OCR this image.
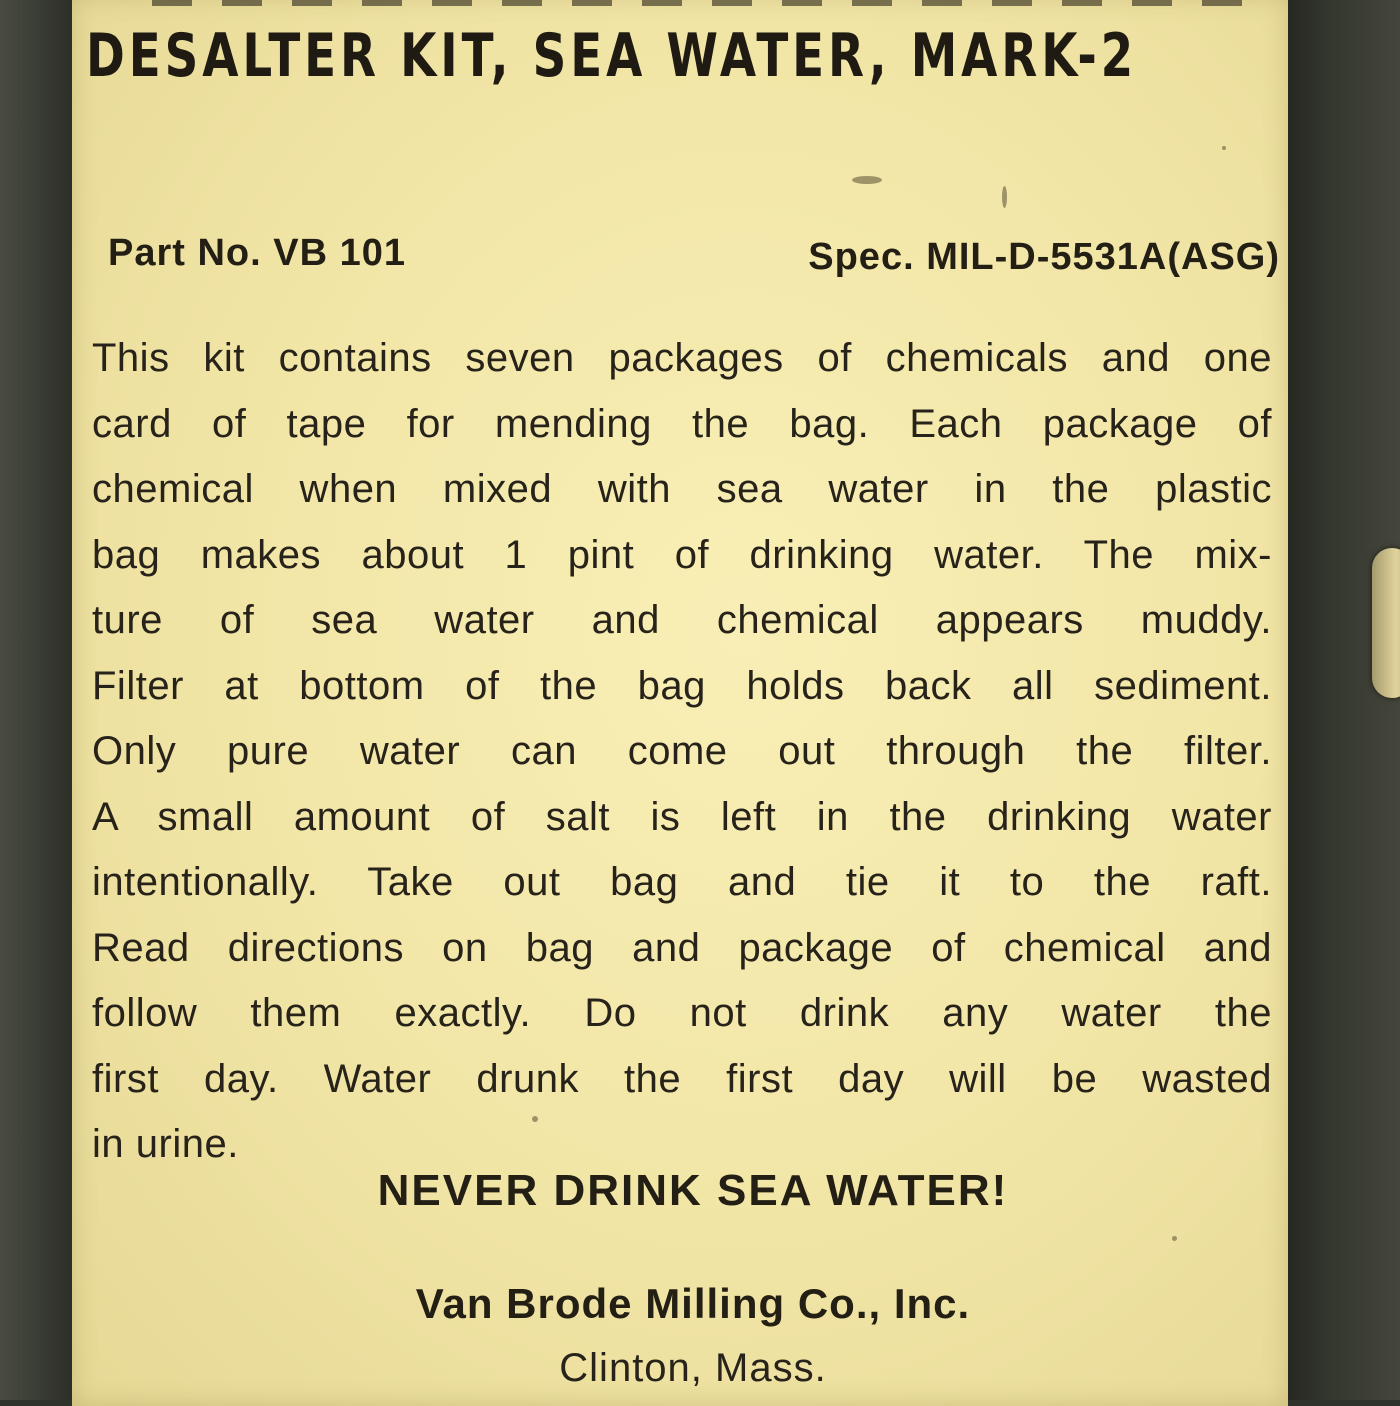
DESALTER KIT, SEA WATER, MARK-2

Part No. VB 101	Spec. MIL-D-5531A(ASG)

This kit contains seven packages of chemicals and one
card of tape for mending the bag. Each package of
chemical when mixed with sea water in the plastic
bag makes about 1 pint of drinking water. The mix-
ture of sea water and chemical appears muddy.
Filter at bottom of the bag holds back all sediment.
Only pure water can come out through the filter.
A small amount of salt is left in the drinking water
intentionally. Take out bag and tie it to the raft.
Read directions on bag and package of chemical and
follow them exactly. Do not drink any water the
first day. Water drunk the first day will be wasted
in urine.

NEVER DRINK SEA WATER!

Van Brode Milling Co., Inc.

Clinton, Mass.
